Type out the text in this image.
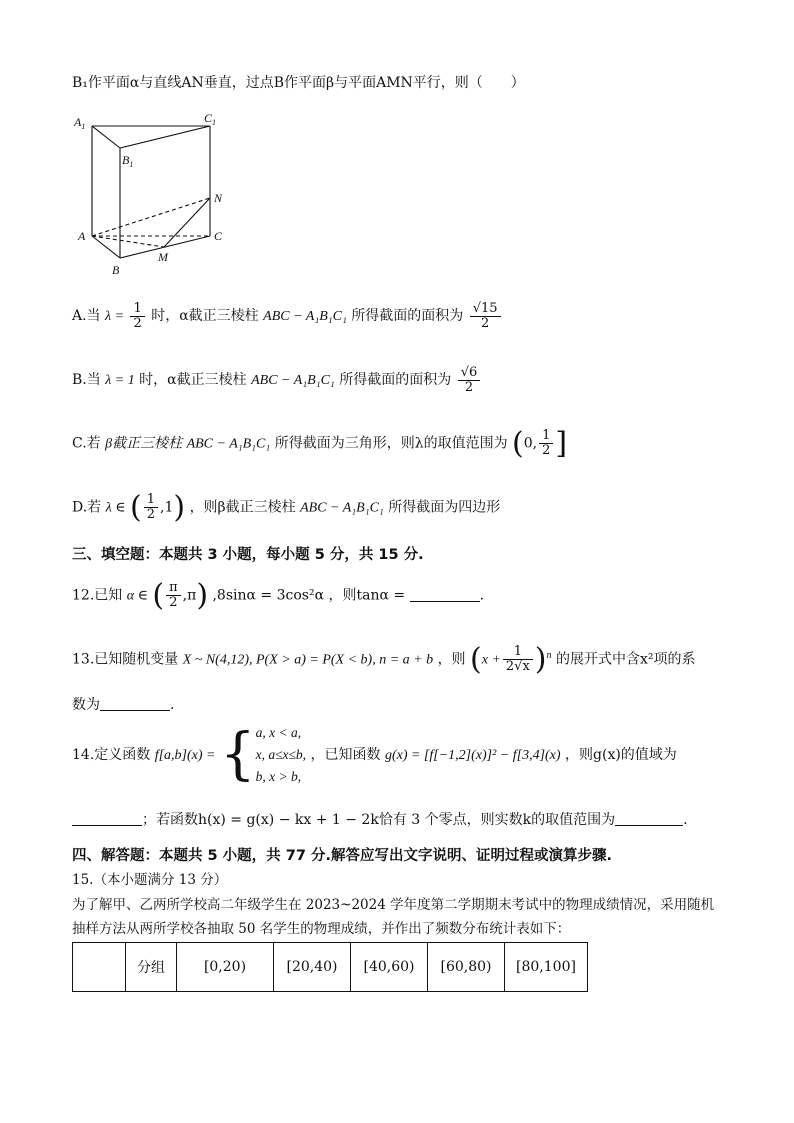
B₁作平面α与直线AN垂直，过点B作平面β与平面AMN平行，则（　　）
$A_1$
$C_1$
$B_1$
N
A	C
M
B
A.当 $\lambda = \frac{1}{2}$ 时，α截正三棱柱 ABC − A₁B₁C₁ 所得截面的面积为 $\frac{√15}{2}$
B.当 λ = 1 时，α截正三棱柱 ABC − A₁B₁C₁ 所得截面的面积为 $\frac{√6}{2}$
C.若 β截正三棱柱 ABC − A₁B₁C₁ 所得截面为三角形，则λ的取值范围为 (0, $\frac{1}{2}$ ]
D.若 λ ∈ ( $\frac{1}{2} ,1$) ，则β截正三棱柱 ABC − A₁B₁C₁ 所得截面为四边形
三、填空题：本题共 3 小题，每小题 5 分，共 15 分.
12.已知 α ∈ ( $\frac{\pi}{2} ,\pi$) ,8sinα = 3cos²α ，则tanα =	.
13.已知随机变量 X ~ N(4,12), P(X > a) = P(X < b), n = a + b ，则 $(x + \frac{1}{2√x} )^n$ 的展开式中含x²项的系
数为	.
14.定义函数 f[a,b](x) = { a, x < a,
x, a≤x≤b,
b, x > b,
，已知函数 g(x) = [f[−1,2](x)]² − f[3,4](x) ，则g(x)的值域为
；若函数h(x) = g(x) − kx + 1 − 2k恰有 3 个零点，则实数k的取值范围为	.
四、解答题：本题共 5 小题，共 77 分.解答应写出文字说明、证明过程或演算步骤.
15.（本小题满分 13 分）
为了解甲、乙两所学校高二年级学生在 2023~2024 学年度第二学期期末考试中的物理成绩情况，采用随机
抽样方法从两所学校各抽取 50 名学生的物理成绩，并作出了频数分布统计表如下：
	分组	[0,20)	[20,40)	[40,60)	[60,80)	[80,100]
